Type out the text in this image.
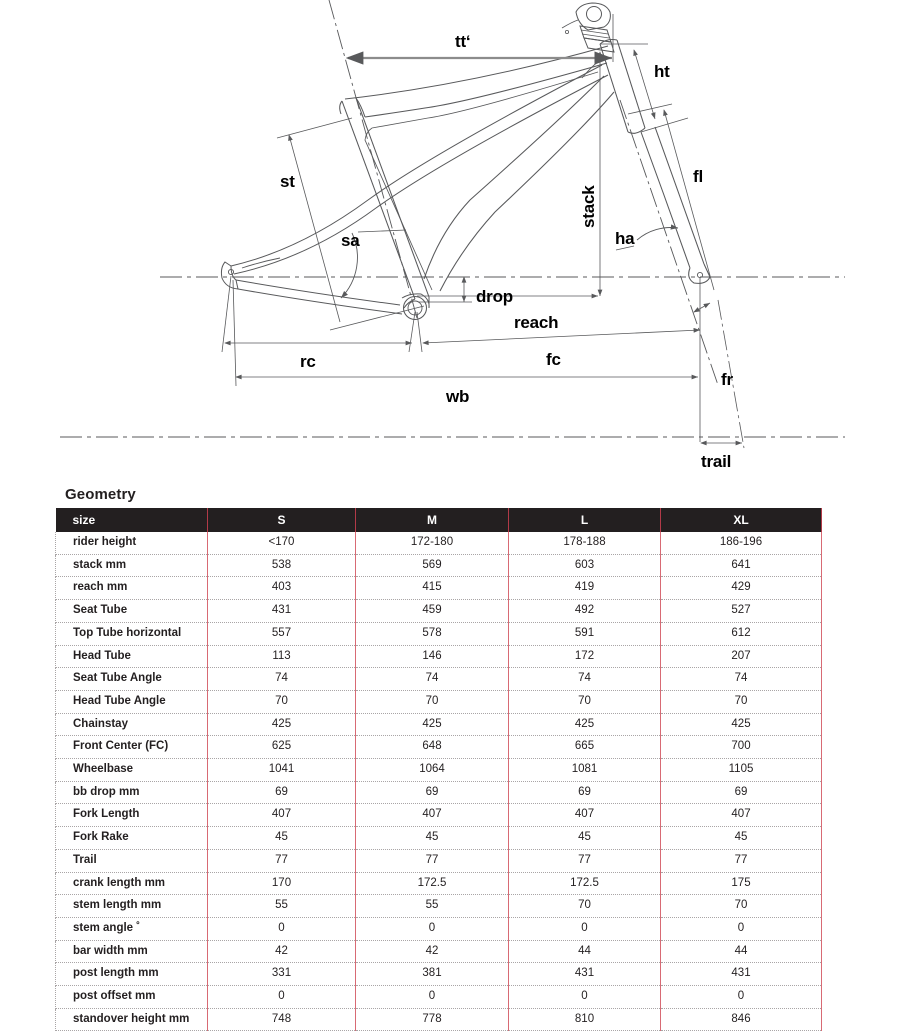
tt‘
ht
st	fl
sa
stack
ha
drop
reach
rc	fc
fr
wb
trail
Geometry
size	S	M	L	XL
rider height	<170	172-180	178-188	186-196
stack mm	538	569	603	641
reach mm	403	415	419	429
Seat Tube	431	459	492	527
Top Tube horizontal	557	578	591	612
Head Tube	113	146	172	207
Seat Tube Angle	74	74	74	74
Head Tube Angle	70	70	70	70
Chainstay	425	425	425	425
Front Center (FC)	625	648	665	700
Wheelbase	1041	1064	1081	1105
bb drop mm	69	69	69	69
Fork Length	407	407	407	407
Fork Rake	45	45	45	45
Trail	77	77	77	77
crank length mm	170	172.5	172.5	175
stem length mm	55	55	70	70
stem angle ˚	0	0	0	0
bar width mm	42	42	44	44
post length mm	331	381	431	431
post offset mm	0	0	0	0
standover height mm	748	778	810	846
